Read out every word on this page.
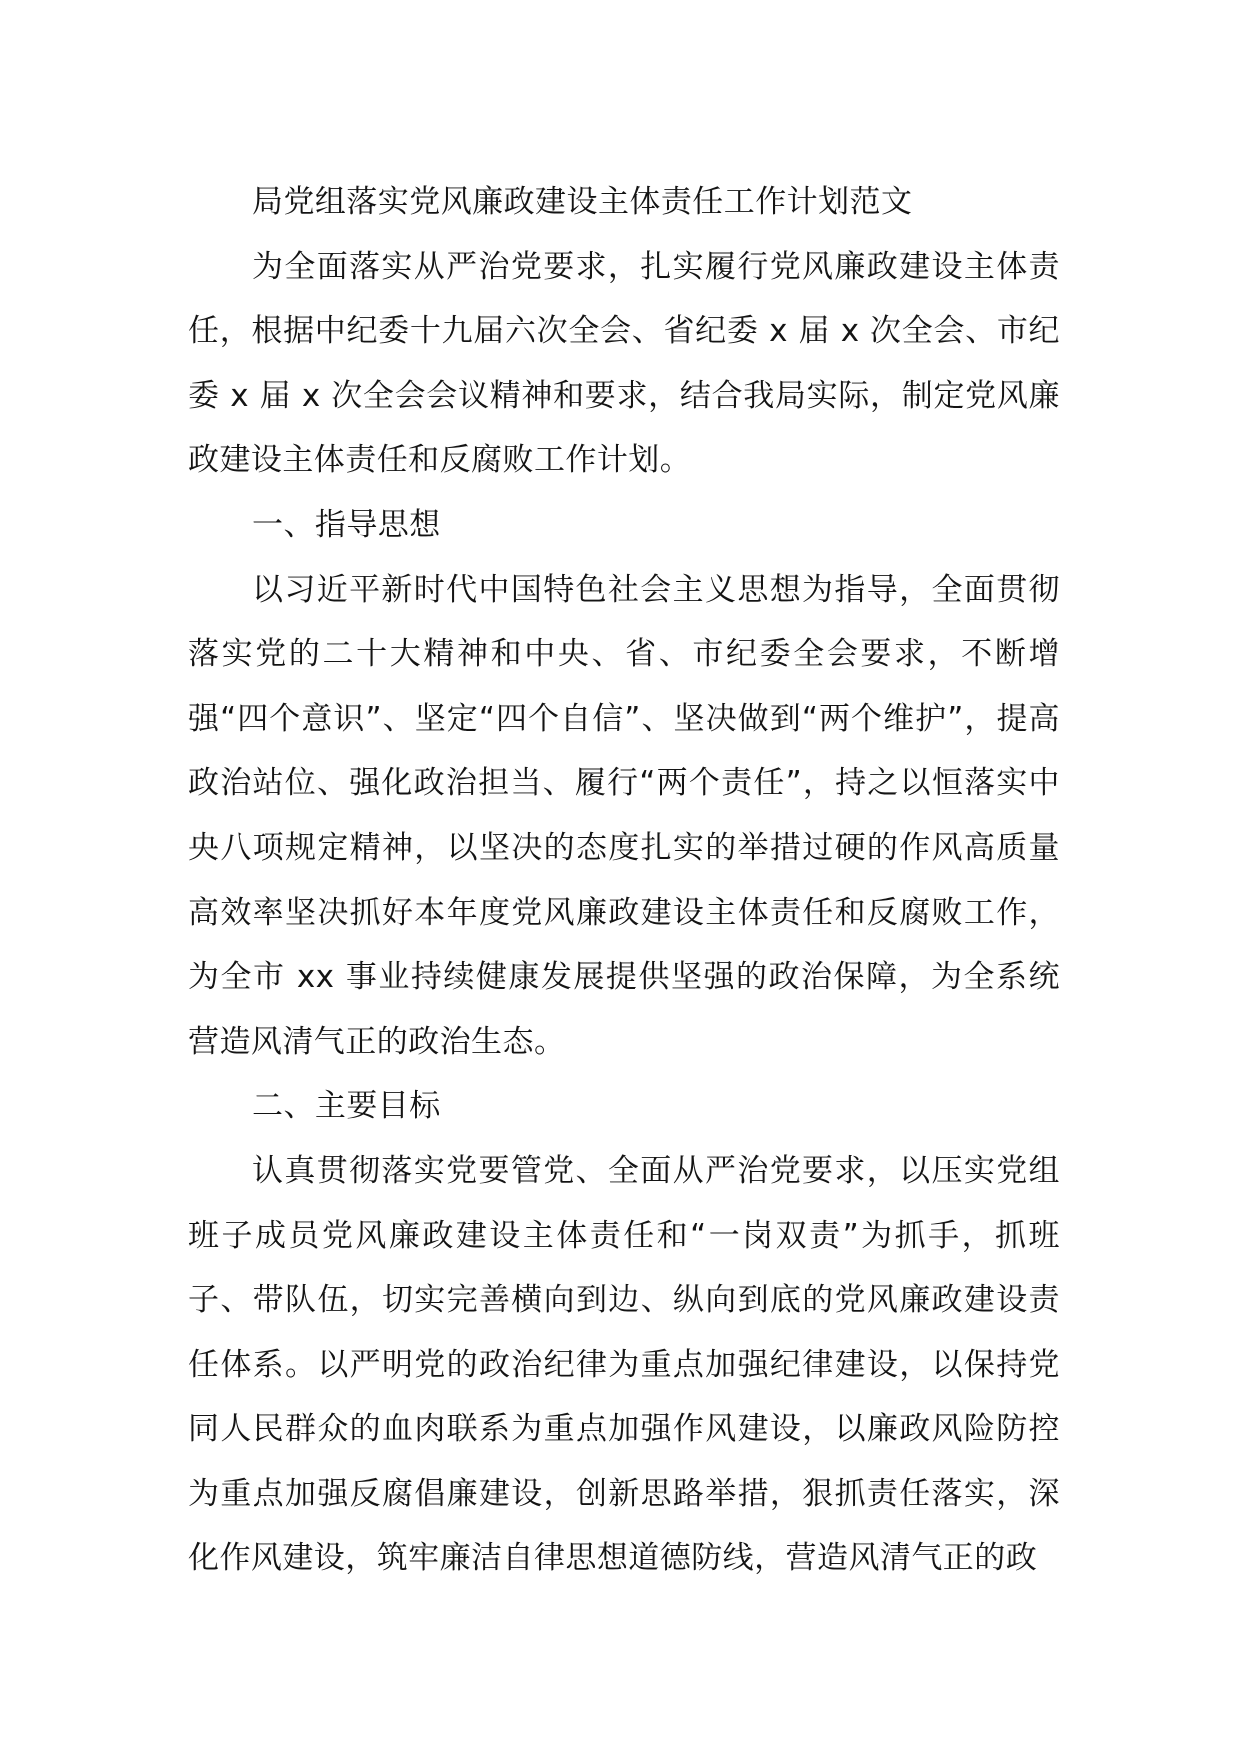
局党组落实党风廉政建设主体责任工作计划范文

为全面落实从严治党要求，扎实履行党风廉政建设主体责任，根据中纪委十九届六次全会、省纪委 x 届 x 次全会、市纪委 x 届 x 次全会会议精神和要求，结合我局实际，制定党风廉政建设主体责任和反腐败工作计划。

一、指导思想

以习近平新时代中国特色社会主义思想为指导，全面贯彻落实党的二十大精神和中央、省、市纪委全会要求，不断增强“四个意识”、坚定“四个自信”、坚决做到“两个维护”，提高政治站位、强化政治担当、履行“两个责任”，持之以恒落实中央八项规定精神，以坚决的态度扎实的举措过硬的作风高质量高效率坚决抓好本年度党风廉政建设主体责任和反腐败工作，为全市 xx 事业持续健康发展提供坚强的政治保障，为全系统营造风清气正的政治生态。

二、主要目标

认真贯彻落实党要管党、全面从严治党要求，以压实党组班子成员党风廉政建设主体责任和“一岗双责”为抓手，抓班子、带队伍，切实完善横向到边、纵向到底的党风廉政建设责任体系。以严明党的政治纪律为重点加强纪律建设，以保持党同人民群众的血肉联系为重点加强作风建设，以廉政风险防控为重点加强反腐倡廉建设，创新思路举措，狠抓责任落实，深化作风建设，筑牢廉洁自律思想道德防线，营造风清气正的政
